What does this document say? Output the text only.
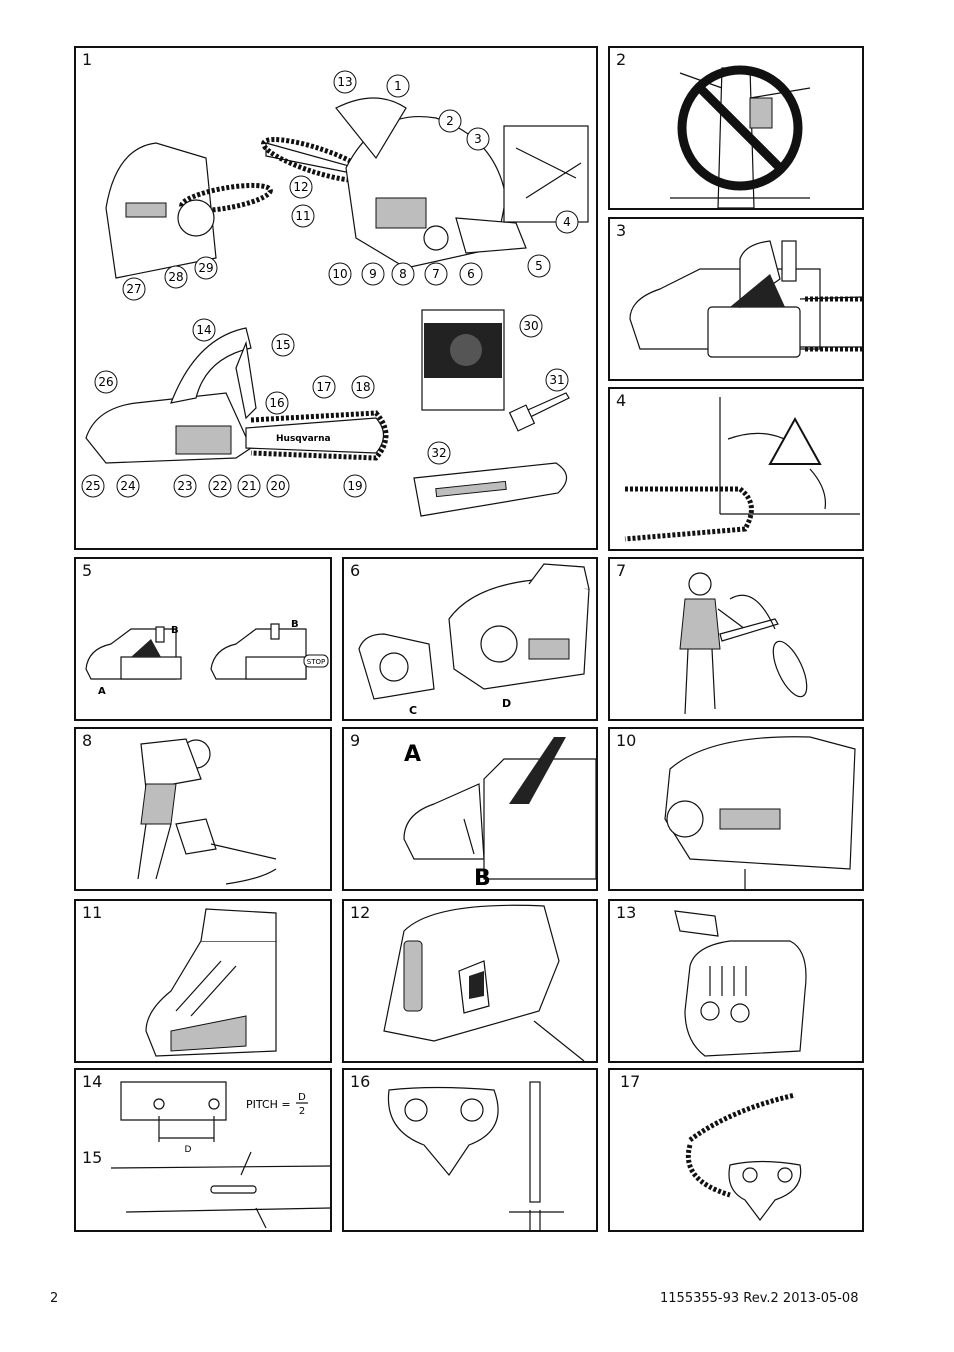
1
Husqvarna
13	1
2
3
12
11	4
29	10 9 8 7 6
5
28
27
30
14
15
26	17 18	31
16
32
25 24	23 22 21 20	19
2
3
4
5
B
A
B
STOP
6
C
D
7
8	9
A
B
10
11	12	13
14
15	D
PITCH =
D
2
16	17
2	1155355-93 Rev.2 2013-05-08
